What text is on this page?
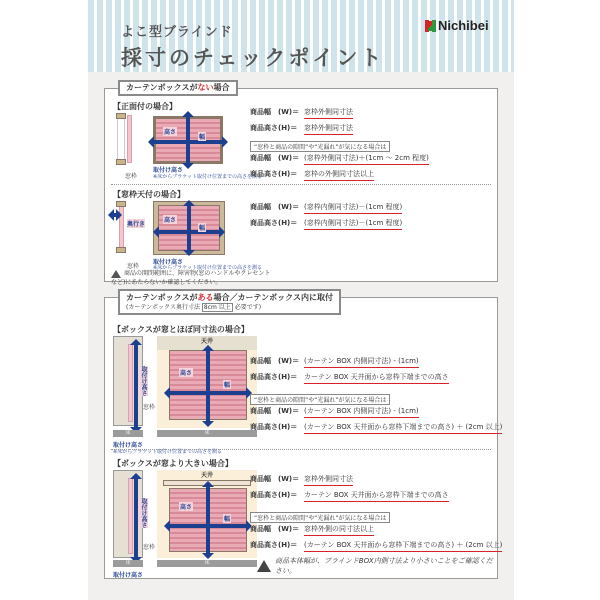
よこ型ブラインド
採寸のチェックポイント
Nichibei
【正面付の場合】
高さ
幅
窓枠
取付け高さ
※床からブラケット取付け位置までの高さを測る
商品幅　(W)＝ 窓枠外側同寸法
商品高さ(H)＝ 窓枠外側同寸法
“窓枠と商品の隙間”や“光漏れ”が気になる場合は
商品幅　(W)＝ (窓枠外側同寸法)＋(1cm ～ 2cm 程度)
商品高さ(H)＝ 窓枠の外側同寸法以上
【窓枠天付の場合】
奥行き
高さ
幅
窓枠
取付け高さ
※床からブラケット取付け位置までの高さを測る
商品幅　(W)＝ (窓枠内側同寸法)－(1cm 程度)
商品高さ(H)＝ (窓枠内側同寸法)－(1cm 程度)
商品の開閉範囲に、障害物(窓のハンドルやクレセントなど)にあたらないか確認してください。
カーテンボックスがない場合
【ボックスが窓とほぼ同寸法の場合】
取付け高さ
窓枠
床
天井
高さ
幅
床
取付け高さ
※床からブラケット取付け位置までの高さを測る
商品幅　(W)＝ (カーテン BOX 内側同寸法) - (1cm)
商品高さ(H)＝ カーテン BOX 天井面から窓枠下端までの高さ
“窓枠と商品の隙間”や“光漏れ”が気になる場合は
商品幅　(W)＝ (カーテン BOX 内側同寸法) - (1cm)
商品高さ(H)＝ (カーテン BOX 天井面から窓枠下端までの高さ) ＋ (2cm 以上)
【ボックスが窓より大きい場合】
取付け高さ
窓枠
床
天井
高さ
幅
床
取付け高さ
商品幅　(W)＝ 窓枠外側同寸法
商品高さ(H)＝ カーテン BOX 天井面から窓枠下端までの高さ
“窓枠と商品の隙間”や“光漏れ”が気になる場合は
商品幅　(W)＝ 窓枠外側の同寸法以上
商品高さ(H)＝ (カーテン BOX 天井面から窓枠下端までの高さ) ＋ (2cm 以上)
商品本体幅が、ブラインドBOX内側寸法より小さいことをご確認ください。
カーテンボックスがある場合／カーテンボックス内に取付
(カーテンボックス奥行寸法 8cm 以上 必要です)
